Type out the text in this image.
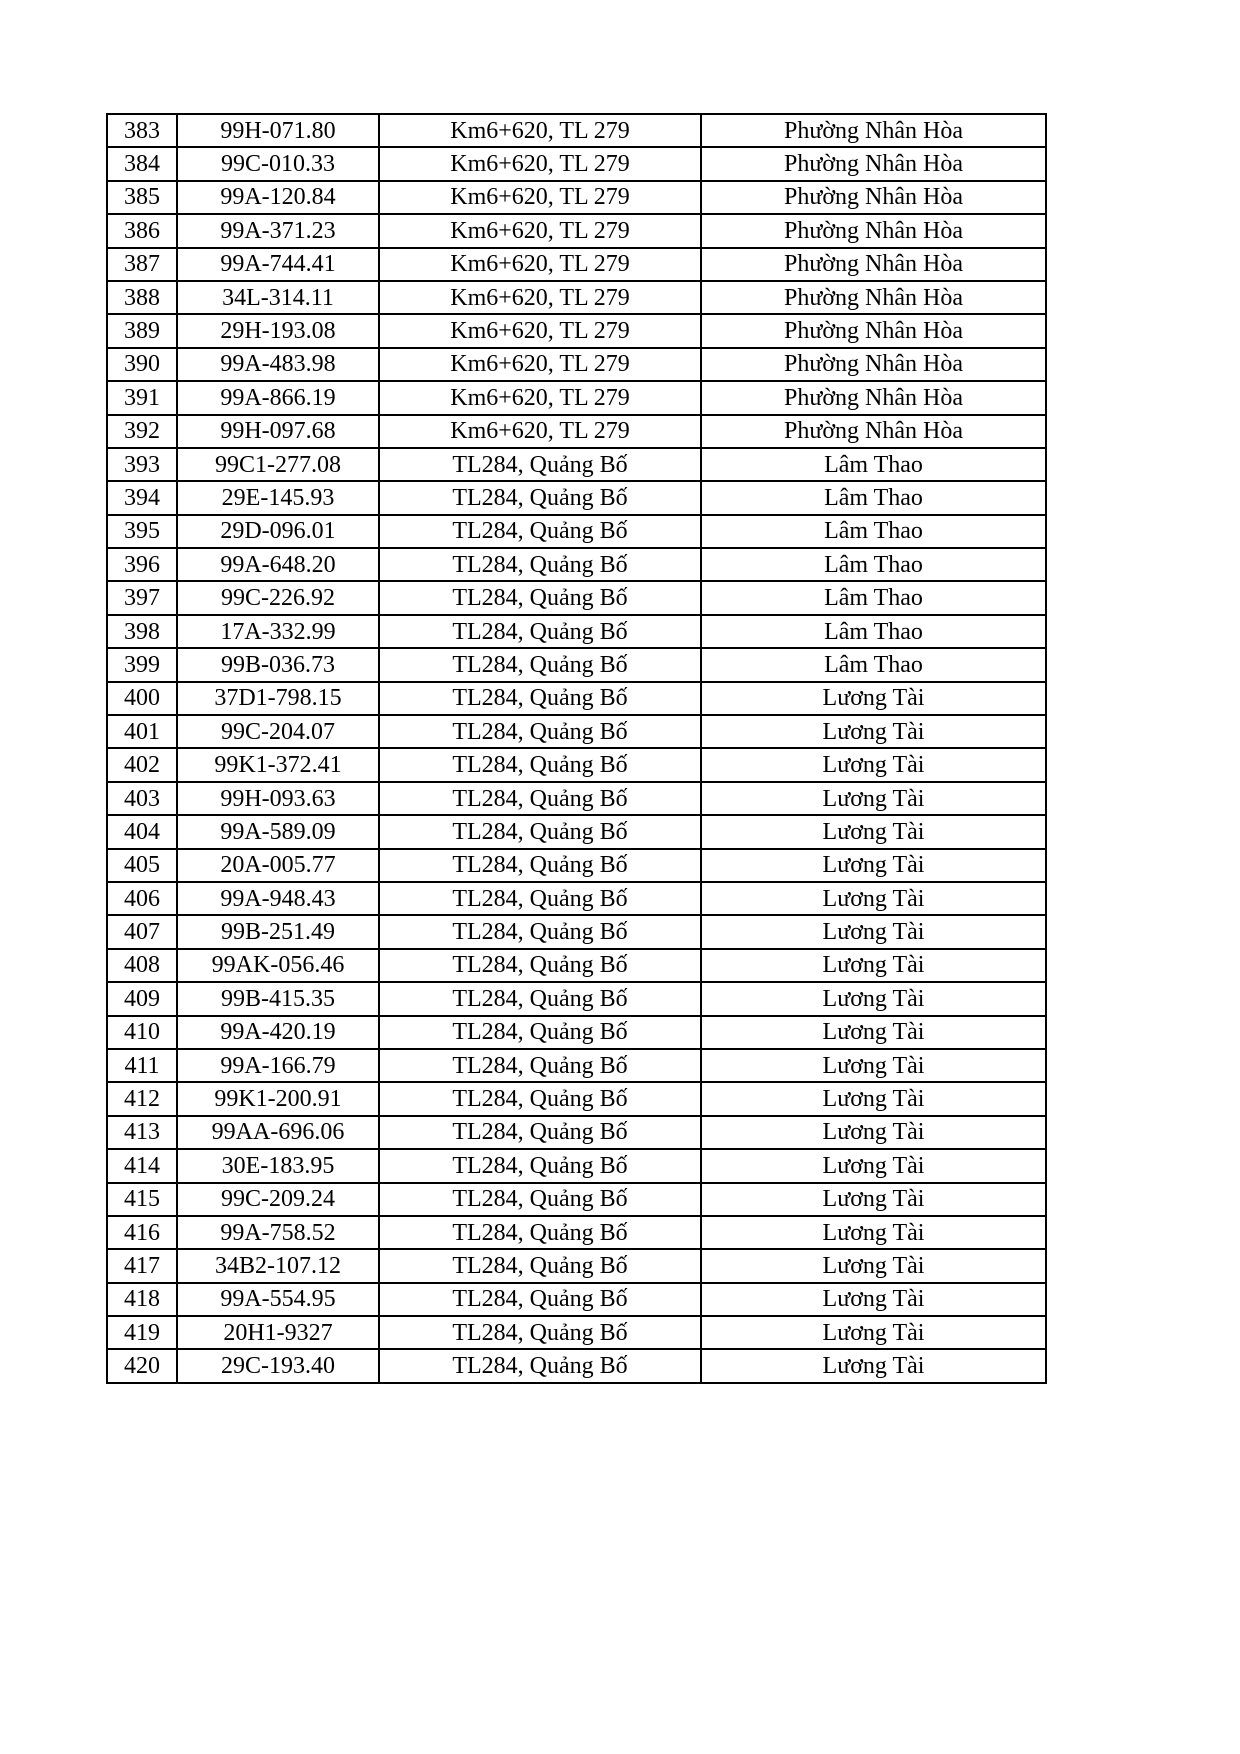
383	99H-071.80	Km6+620, TL 279	Phường Nhân Hòa
384	99C-010.33	Km6+620, TL 279	Phường Nhân Hòa
385	99A-120.84	Km6+620, TL 279	Phường Nhân Hòa
386	99A-371.23	Km6+620, TL 279	Phường Nhân Hòa
387	99A-744.41	Km6+620, TL 279	Phường Nhân Hòa
388	34L-314.11	Km6+620, TL 279	Phường Nhân Hòa
389	29H-193.08	Km6+620, TL 279	Phường Nhân Hòa
390	99A-483.98	Km6+620, TL 279	Phường Nhân Hòa
391	99A-866.19	Km6+620, TL 279	Phường Nhân Hòa
392	99H-097.68	Km6+620, TL 279	Phường Nhân Hòa
393	99C1-277.08	TL284, Quảng Bố	Lâm Thao
394	29E-145.93	TL284, Quảng Bố	Lâm Thao
395	29D-096.01	TL284, Quảng Bố	Lâm Thao
396	99A-648.20	TL284, Quảng Bố	Lâm Thao
397	99C-226.92	TL284, Quảng Bố	Lâm Thao
398	17A-332.99	TL284, Quảng Bố	Lâm Thao
399	99B-036.73	TL284, Quảng Bố	Lâm Thao
400	37D1-798.15	TL284, Quảng Bố	Lương Tài
401	99C-204.07	TL284, Quảng Bố	Lương Tài
402	99K1-372.41	TL284, Quảng Bố	Lương Tài
403	99H-093.63	TL284, Quảng Bố	Lương Tài
404	99A-589.09	TL284, Quảng Bố	Lương Tài
405	20A-005.77	TL284, Quảng Bố	Lương Tài
406	99A-948.43	TL284, Quảng Bố	Lương Tài
407	99B-251.49	TL284, Quảng Bố	Lương Tài
408	99AK-056.46	TL284, Quảng Bố	Lương Tài
409	99B-415.35	TL284, Quảng Bố	Lương Tài
410	99A-420.19	TL284, Quảng Bố	Lương Tài
411	99A-166.79	TL284, Quảng Bố	Lương Tài
412	99K1-200.91	TL284, Quảng Bố	Lương Tài
413	99AA-696.06	TL284, Quảng Bố	Lương Tài
414	30E-183.95	TL284, Quảng Bố	Lương Tài
415	99C-209.24	TL284, Quảng Bố	Lương Tài
416	99A-758.52	TL284, Quảng Bố	Lương Tài
417	34B2-107.12	TL284, Quảng Bố	Lương Tài
418	99A-554.95	TL284, Quảng Bố	Lương Tài
419	20H1-9327	TL284, Quảng Bố	Lương Tài
420	29C-193.40	TL284, Quảng Bố	Lương Tài
